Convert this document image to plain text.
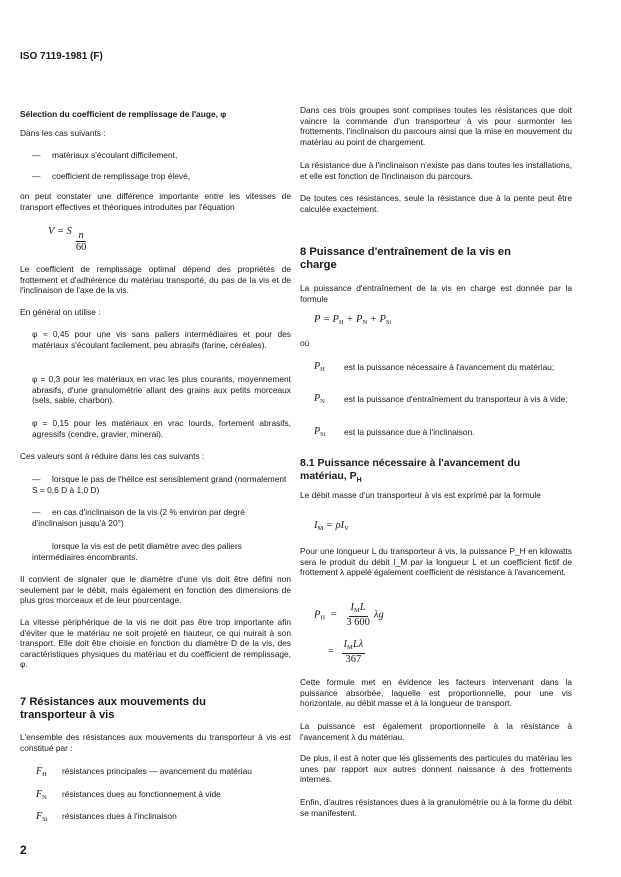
ISO 7119-1981 (F)
Sélection du coefficient de remplissage de l'auge, φ
Dans les cas suivants :
— matériaux s'écoulant difficilement,
— coefficient de remplissage trop élevé,
on peut constater une différence importante entre les vitesses de transport effectives et théoriques introduites par l'équation
V = S $\frac{n}{60}$
Le coefficient de remplissage optimal dépend des propriétés de frottement et d'adhérence du matériau transporté, du pas de la vis et de l'inclinaison de l'axe de la vis.
En général on utilise :
φ ≈ 0,45 pour une vis sans paliers intermédiaires et pour des matériaux s'écoulant facilement, peu abrasifs (farine, céréales).
φ = 0,3 pour les matériaux en vrac les plus courants, moyennement abrasifs, d'une granulométrie allant des grains aux petits morceaux (sels, sable, charbon).
φ = 0,15 pour les matériaux en vrac lourds, fortement abrasifs, agressifs (cendre, gravier, minerai).
Ces valeurs sont à réduire dans les cas suivants :
— lorsque le pas de l'hélice est sensiblement grand (normalement S = 0,6 D à 1,0 D)
— en cas d'inclinaison de la vis (2 % environ par degré d'inclinaison jusqu'à 20°)
lorsque la vis est de petit diamètre avec des paliers intermédiaires encombrants.
Il convient de signaler que le diamètre d'une vis doit être défini non seulement par le débit, mais également en fonction des dimensions de plus gros morceaux et de leur pourcentage.
La vitesse périphérique de la vis ne doit pas être trop importante afin d'éviter que le matériau ne soit projeté en hauteur, ce qui nuirait à son transport. Elle doit être choisie en fonction du diamètre D de la vis, des caractéristiques physiques du matériau et du coefficient de remplissage, φ.
7 Résistances aux mouvements du
transporteur à vis
L'ensemble des résistances aux mouvements du transporteur à vis est constitué par :
$F_H$ résistances principales — avancement du matériau
$F_N$ résistances dues au fonctionnement à vide
$F_{St}$ résistances dues à l'inclinaison
2
Dans ces trois groupes sont comprises toutes les résistances que doit vaincre la commande d'un transporteur à vis pour surmonter les frottements, l'inclinaison du parcours ainsi que la mise en mouvement du matériau au point de chargement.
La résistance due à l'inclinaison n'existe pas dans toutes les installations, et elle est fonction de l'inclinaison du parcours.
De toutes ces résistances, seule la résistance due à la pente peut être calculée exactement.
8 Puissance d'entraînement de la vis en
charge
La puissance d'entraînement de la vis en charge est donnée par la formule
$P = P_H + P_N + P_{St}$
où
$P_H$	est la puissance nécessaire à l'avancement du matériau;
$P_N$	est la puissance d'entraînement du transporteur à vis à vide;
$P_{St}$	est la puissance due à l'inclinaison.
8.1 Puissance nécessaire à l'avancement du
matériau, $P_H$
Le débit masse d'un transporteur à vis est exprimé par la formule
$I_M = \rho I_V$
Pour une longueur L du transporteur à vis, la puissance P_H en kilowatts sera le produit du débit I_M par la longueur L et un coefficient fictif de frottement λ appelé également coefficient de résistance à l'avancement.
$P_H = \frac{I_ML}{3 600}$ λg
= $\frac{I_ML\lambda}{367}$
Cette formule met en évidence les facteurs intervenant dans la puissance absorbée, laquelle est proportionnelle, pour une vis horizontale, au débit masse et à la longueur de transport.
La puissance est également proportionnelle à la résistance à l'avancement λ du matériau.
De plus, il est à noter que les glissements des particules du matériau les unes par rapport aux autres donnent naissance à des frottements internes.
Enfin, d'autres résistances dues à la granulométrie ou à la forme du débit se manifestent.
